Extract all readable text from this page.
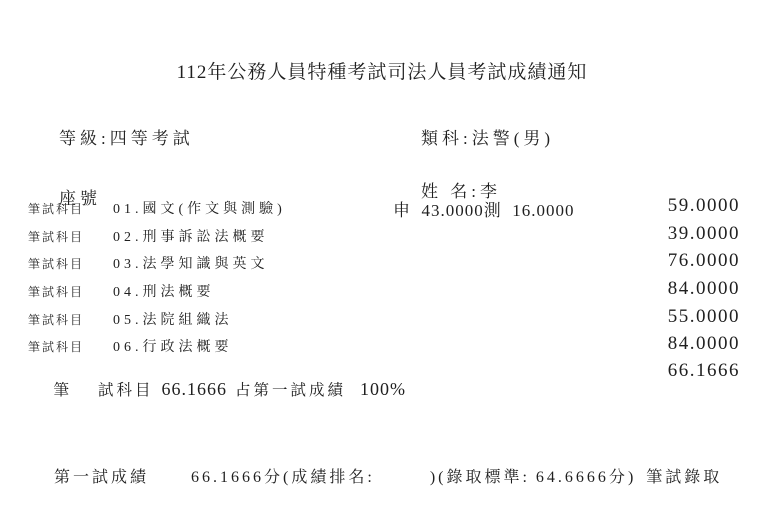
112年公務人員特種考試司法人員考試成績通知

等級:四等考試
	類科:法警(男)

座號
	姓 名:李

筆試科目 01.國文(作文與測驗)	申  43.0000測  16.0000	59.0000
筆試科目 02.刑事訴訟法概要	39.0000
筆試科目 03.法學知識與英文	76.0000
筆試科目 04.刑法概要	84.0000
筆試科目 05.法院組織法	55.0000
筆試科目 06.行政法概要	84.0000

筆 試科目 66.1666 占第一試成績 100%

66.1666

第一試成績	66.1666分(成績排名:	)(錄取標準: 64.6666分) 筆試錄取
